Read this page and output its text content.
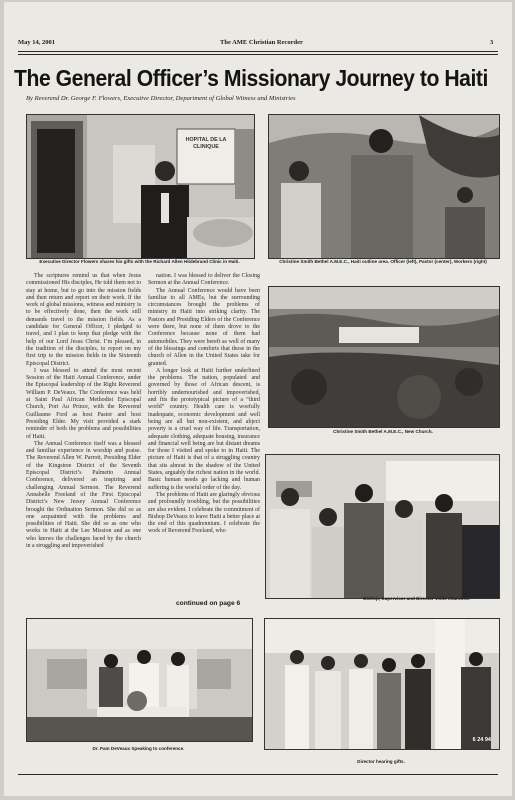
May 14, 2001	The AME Christian Recorder	3
The General Officer’s Missionary Journey to Haiti
By Reverend Dr. George F. Flowers, Executive Director, Department of Global Witness and Ministries
HOPITAL DE LA CLINIQUE
Executive Director Flowers shares his gifts with the Richard Allen Hildebrand Clinic in Haiti.	Christine Smith Bethel A.M.E.C., Haiti outline area. Officer (left), Pastor (center), Workers (right)
Christine Smith Bethel A.M.E.C., New Church.
Bishop, Supervisor and Director visits churches.
Dr. Pam DeVeaux Speaking to conference.
6 24 94
Director hearing gifts.

The scriptures remind us that when Jesus commissioned His disciples, He told them not to stay at home, but to go into the mission fields and then return and report on their work. If the work of global missions, witness and ministry is to be effectively done, then the work still demands travel to the mission fields. As a candidate for General Officer, I pledged to travel, and I plan to keep that pledge with the help of our Lord Jesus Christ. I’m pleased, in the tradition of the disciples, to report on my first trip to the mission fields in the Sixteenth Episcopal District.

I was blessed to attend the most recent Session of the Haiti Annual Conference, under the Episcopal leadership of the Right Reverend William P. DeVeaux. The Conference was held at Saint Paul African Methodist Episcopal Church, Port Au Prince, with the Reverend Guillaume Ford as host Pastor and host Presiding Elder. My visit provided a stark reminder of both the problems and possibilities of Haiti.

The Annual Conference itself was a blessed and familiar experience in worship and praise. The Reverend Allen W. Parrott, Presiding Elder of the Kingstree District of the Seventh Episcopal District’s Palmetto Annual Conference, delivered an inspiring and challenging Annual Sermon. The Reverend Annabelle Freeland of the First Episcopal District’s New Jersey Annual Conference brought the Ordination Sermon. She did so as one acquainted with the problems and possibilities of Haiti. She did so as one who works in Haiti at the Lee Mission and as one who knows the challenges faced by the church in a struggling and impoverished

nation. I was blessed to deliver the Closing Sermon at the Annual Conference.

The Annual Conference would have been familiar to all AMEs, but the surrounding circumstances brought the problems of ministry in Haiti into striking clarity. The Pastors and Presiding Elders of the Conference were there, but none of them drove to the Conference because none of them had automobiles. They were bereft as well of many of the blessings and comforts that those in the church of Allen in the United States take for granted.

A longer look at Haiti further underlined the problems. The nation, populated and governed by those of African descent, is horribly undernourished and impoverished, and fits the prototypical picture of a “third world” country. Health care is woefully inadequate, economic development and well being are all but non-existent, and abject poverty is a cruel way of life. Transportation, adequate clothing, adequate housing, insurance and financial well being are but distant dreams for those I visited and spoke to in Haiti. The picture of Haiti is that of a struggling country that sits almost in the shadow of the United States, arguably the richest nation in the world. Basic human needs go lacking and human suffering is the woeful order of the day.

The problems of Haiti are glaringly obvious and profoundly troubling, but the possibilities are also evident. I celebrate the commitment of Bishop DeVeaux to leave Haiti a better place at the end of this quadrennium. I celebrate the work of Reverend Freeland, who

continued on page 6
